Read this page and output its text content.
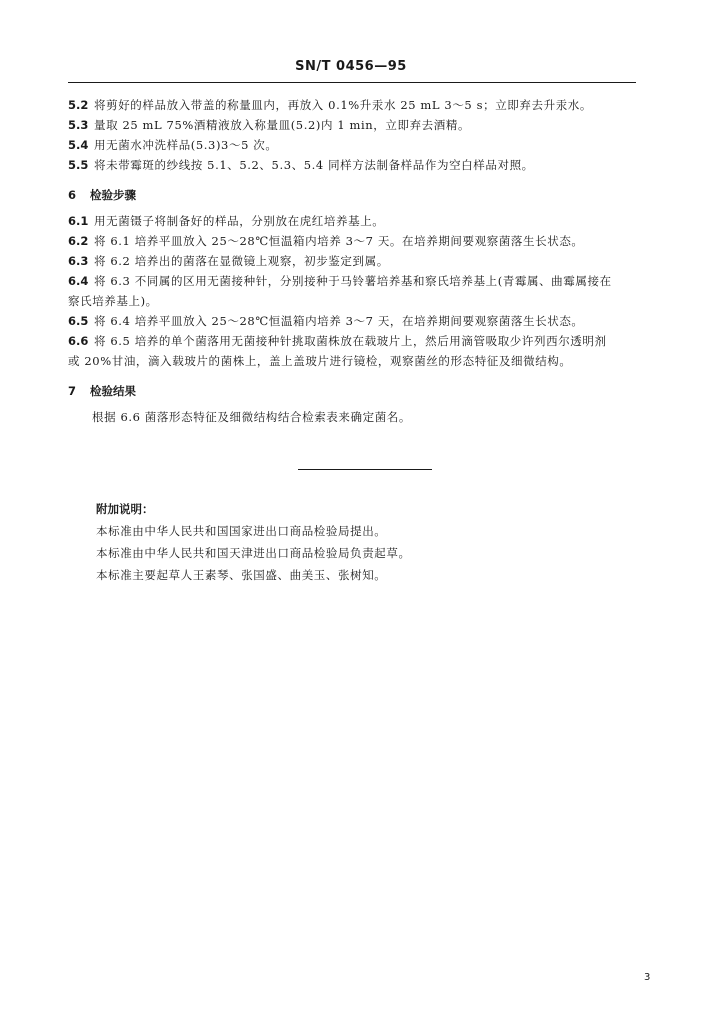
SN/T 0456—95
5.2 将剪好的样品放入带盖的称量皿内，再放入 0.1%升汞水 25 mL 3～5 s；立即弃去升汞水。
5.3 量取 25 mL 75%酒精液放入称量皿(5.2)内 1 min，立即弃去酒精。
5.4 用无菌水冲洗样品(5.3)3～5 次。
5.5 将未带霉斑的纱线按 5.1、5.2、5.3、5.4 同样方法制备样品作为空白样品对照。
6 检验步骤
6.1 用无菌镊子将制备好的样品，分别放在虎红培养基上。
6.2 将 6.1 培养平皿放入 25～28℃恒温箱内培养 3～7 天。在培养期间要观察菌落生长状态。
6.3 将 6.2 培养出的菌落在显微镜上观察，初步鉴定到属。
6.4 将 6.3 不同属的区用无菌接种针，分别接种于马铃薯培养基和察氏培养基上(青霉属、曲霉属接在
察氏培养基上)。
6.5 将 6.4 培养平皿放入 25～28℃恒温箱内培养 3～7 天，在培养期间要观察菌落生长状态。
6.6 将 6.5 培养的单个菌落用无菌接种针挑取菌株放在载玻片上，然后用滴管吸取少许列西尔透明剂
或 20%甘油，滴入载玻片的菌株上，盖上盖玻片进行镜检，观察菌丝的形态特征及细微结构。
7 检验结果
根据 6.6 菌落形态特征及细微结构结合检索表来确定菌名。
附加说明：
本标准由中华人民共和国国家进出口商品检验局提出。
本标准由中华人民共和国天津进出口商品检验局负责起草。
本标准主要起草人王素琴、张国盛、曲美玉、张树知。
3
